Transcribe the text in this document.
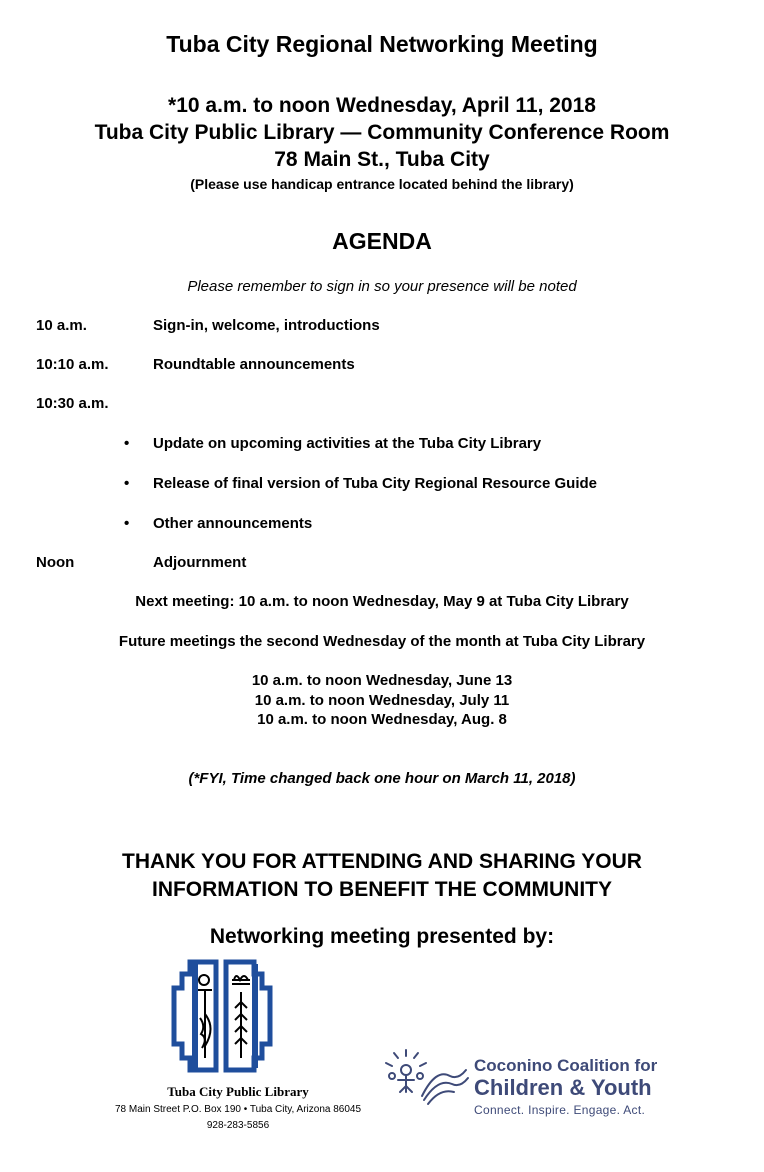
Tuba City Regional Networking Meeting
*10 a.m. to noon Wednesday, April 11, 2018
Tuba City Public Library — Community Conference Room
78 Main St., Tuba City
(Please use handicap entrance located behind the library)
AGENDA
Please remember to sign in so your presence will be noted
10 a.m.	Sign-in, welcome, introductions
10:10 a.m.	Roundtable announcements
10:30 a.m.
• Update on upcoming activities at the Tuba City Library
• Release of final version of Tuba City Regional Resource Guide
• Other announcements
Noon	Adjournment
Next meeting: 10 a.m. to noon Wednesday, May 9 at Tuba City Library
Future meetings the second Wednesday of the month at Tuba City Library
10 a.m. to noon Wednesday, June 13
10 a.m. to noon Wednesday, July 11
10 a.m. to noon Wednesday, Aug. 8
(*FYI, Time changed back one hour on March 11, 2018)
THANK YOU FOR ATTENDING AND SHARING YOUR
INFORMATION TO BENEFIT THE COMMUNITY
Networking meeting presented by:
Tuba City Public Library
78 Main Street P.O. Box 190 • Tuba City, Arizona 86045
928-283-5856
Coconino Coalition for
Children & Youth
Connect. Inspire. Engage. Act.
